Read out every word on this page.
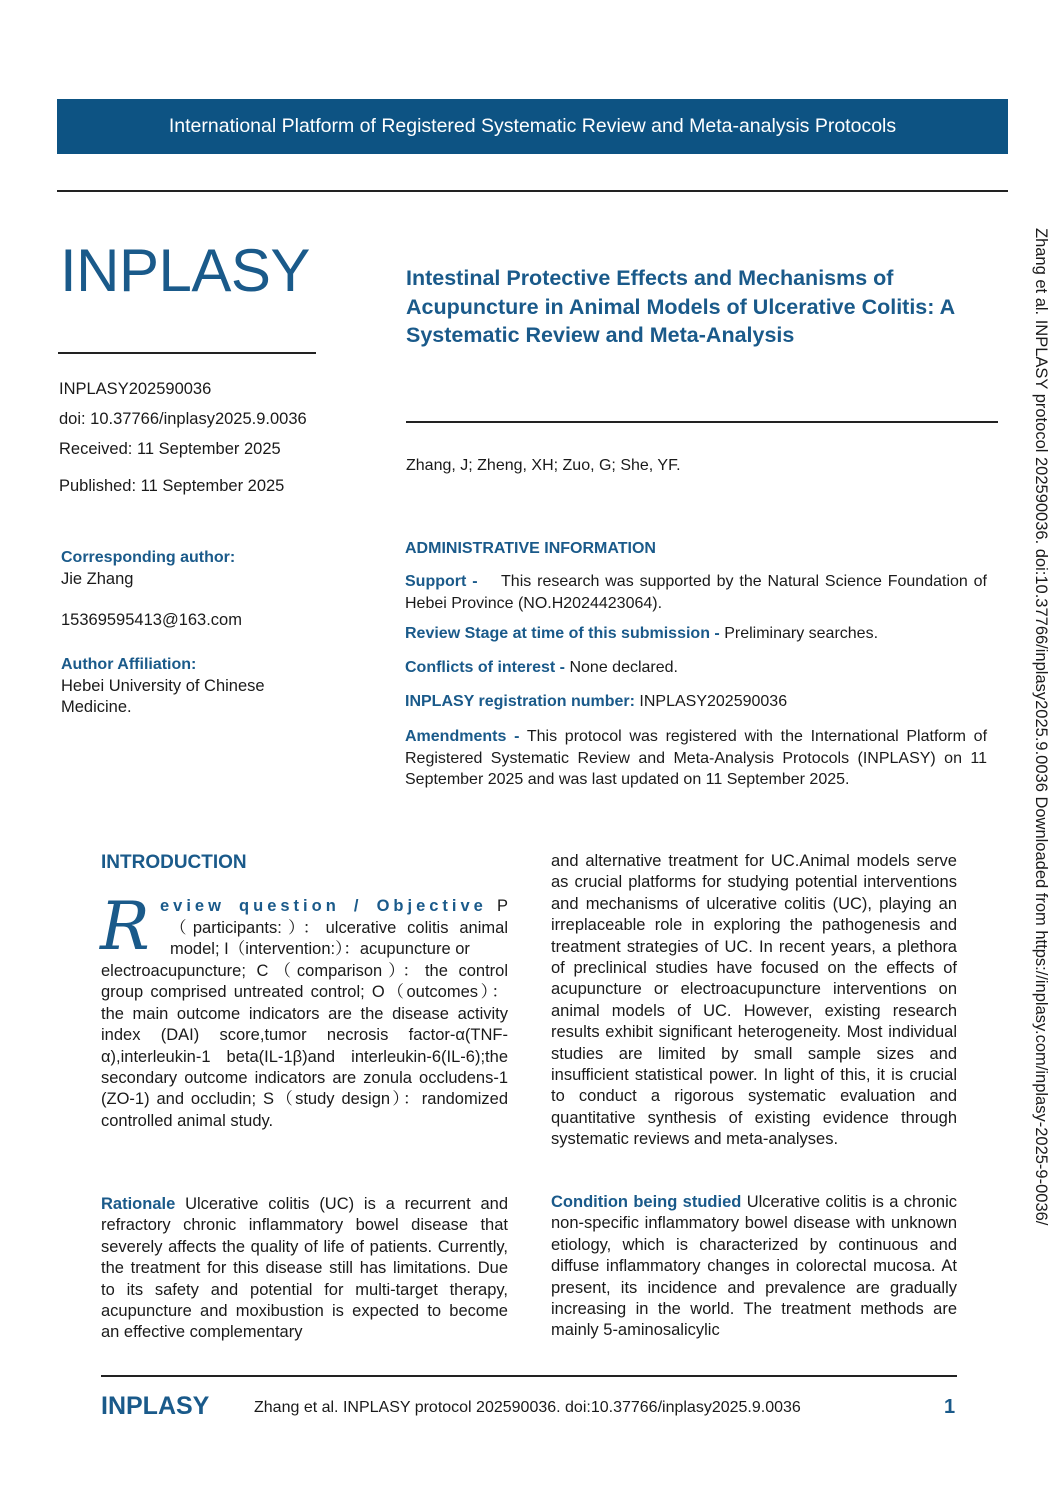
International Platform of Registered Systematic Review and Meta-analysis Protocols
INPLASY	Intestinal Protective Effects and Mechanisms of Acupuncture in Animal Models of Ulcerative Colitis: A Systematic Review and Meta-Analysis
INPLASY202590036
doi: 10.37766/inplasy2025.9.0036
Received: 11 September 2025
Published: 11 September 2025
Zhang, J; Zheng, XH; Zuo, G; She, YF.
Corresponding author:
Jie Zhang
15369595413@163.com
Author Affiliation:
Hebei University of Chinese Medicine.
ADMINISTRATIVE INFORMATION
Support - This research was supported by the Natural Science Foundation of Hebei Province (NO.H2024423064).
Review Stage at time of this submission - Preliminary searches.
Conflicts of interest - None declared.
INPLASY registration number: INPLASY202590036
Amendments - This protocol was registered with the International Platform of Registered Systematic Review and Meta-Analysis Protocols (INPLASY) on 11 September 2025 and was last updated on 11 September 2025.
INTRODUCTION
R eview question / Objective P
（participants:）：ulcerative colitis animal model; I（intervention:）：acupuncture or
electroacupuncture; C（comparison）：the control group comprised untreated control; O（outcomes）：the main outcome indicators are the disease activity index (DAI) score,tumor necrosis factor-α(TNF-α),interleukin-1 beta(IL-1β)and interleukin-6(IL-6);the secondary outcome indicators are zonula occludens-1 (ZO-1) and occludin; S（study design）：randomized controlled animal study.
Rationale Ulcerative colitis (UC) is a recurrent and refractory chronic inflammatory bowel disease that severely affects the quality of life of patients. Currently, the treatment for this disease still has limitations. Due to its safety and potential for multi-target therapy, acupuncture and moxibustion is expected to become an effective complementary
and alternative treatment for UC.Animal models serve as crucial platforms for studying potential interventions and mechanisms of ulcerative colitis (UC), playing an irreplaceable role in exploring the pathogenesis and treatment strategies of UC. In recent years, a plethora of preclinical studies have focused on the effects of acupuncture or electroacupuncture interventions on animal models of UC. However, existing research results exhibit significant heterogeneity. Most individual studies are limited by small sample sizes and insufficient statistical power. In light of this, it is crucial to conduct a rigorous systematic evaluation and quantitative synthesis of existing evidence through systematic reviews and meta-analyses.
Condition being studied Ulcerative colitis is a chronic non-specific inflammatory bowel disease with unknown etiology, which is characterized by continuous and diffuse inflammatory changes in colorectal mucosa. At present, its incidence and prevalence are gradually increasing in the world. The treatment methods are mainly 5-aminosalicylic
INPLASY	Zhang et al. INPLASY protocol 202590036. doi:10.37766/inplasy2025.9.0036	1
Zhang et al. INPLASY protocol 202590036. doi:10.37766/inplasy2025.9.0036 Downloaded from https://inplasy.com/inplasy-2025-9-0036/
